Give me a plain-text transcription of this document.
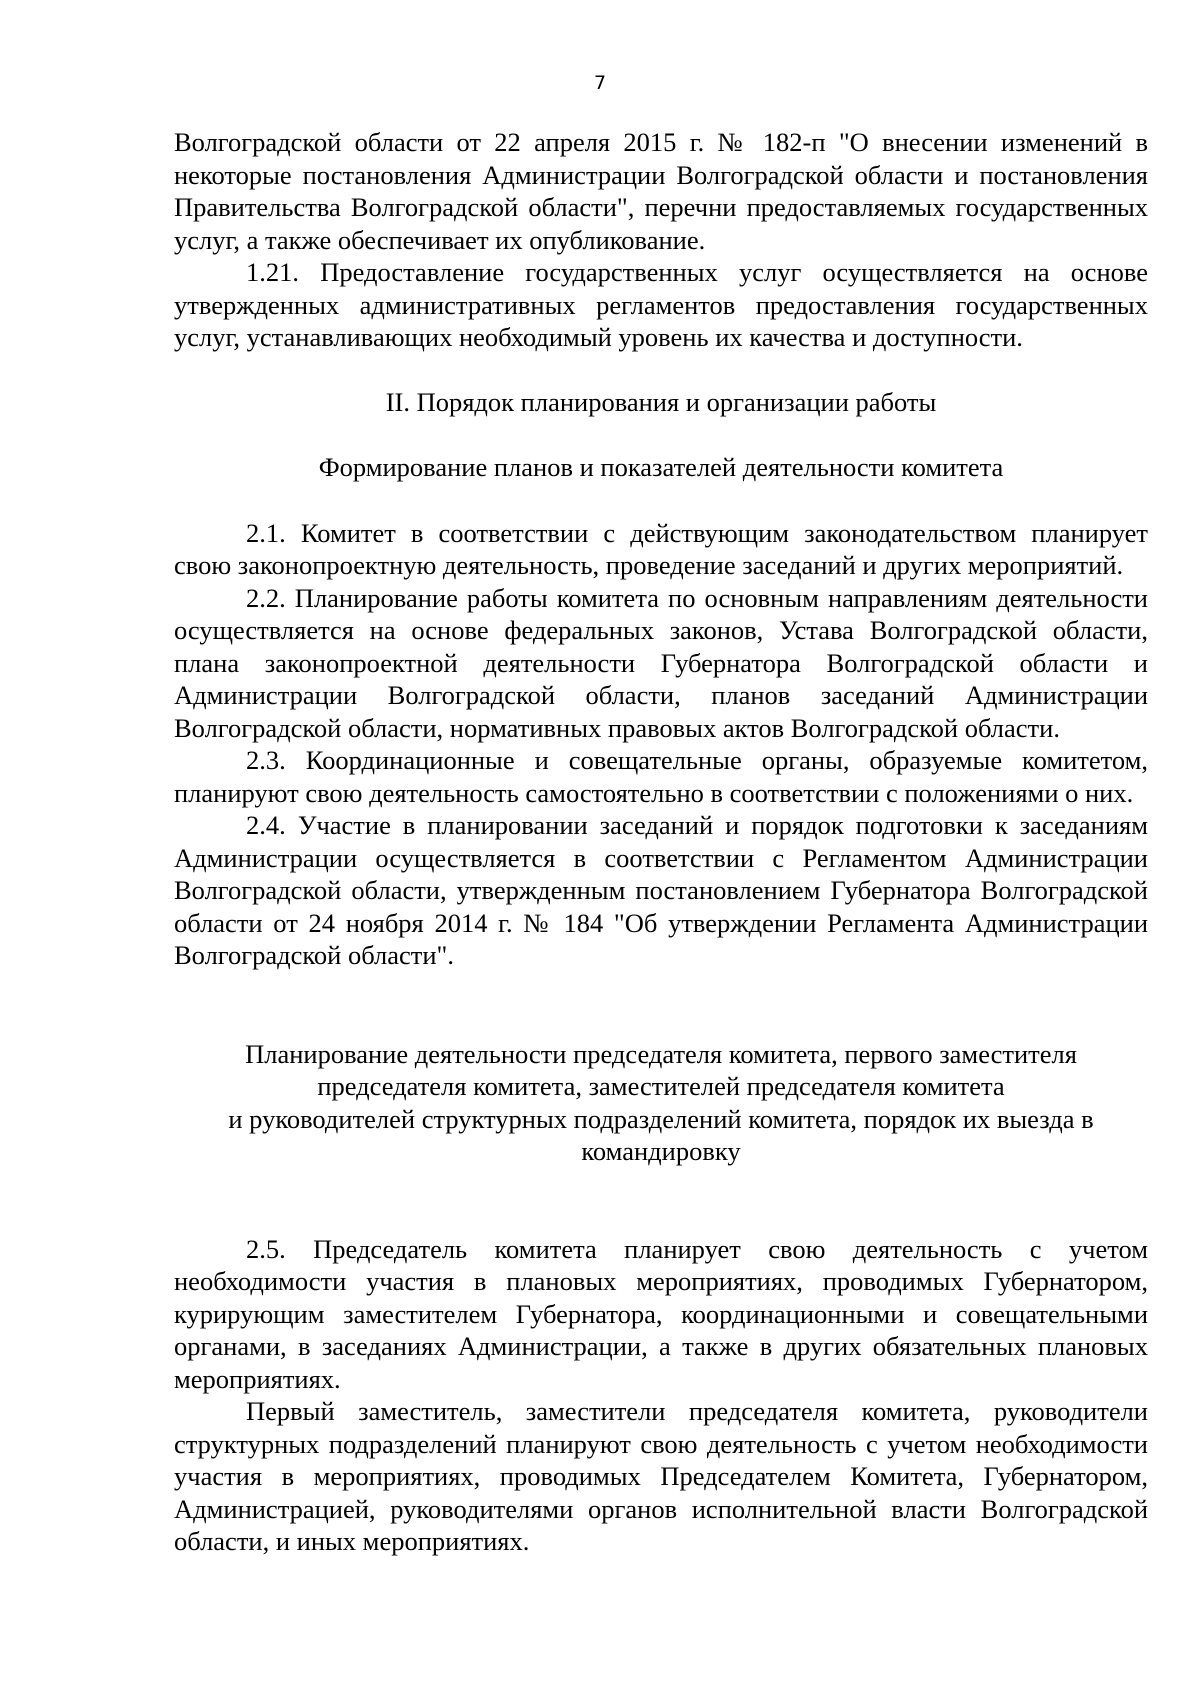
7

Волгоградской области от 22 апреля 2015 г. № 182-п "О внесении изменений в некоторые постановления Администрации Волгоградской области и постановления Правительства Волгоградской области", перечни предоставляемых государственных услуг, а также обеспечивает их опубликование.

1.21. Предоставление государственных услуг осуществляется на основе утвержденных административных регламентов предоставления государственных услуг, устанавливающих необходимый уровень их качества и доступности.

II. Порядок планирования и организации работы
Формирование планов и показателей деятельности комитета

2.1. Комитет в соответствии с действующим законодательством планирует свою законопроектную деятельность, проведение заседаний и других мероприятий.

2.2. Планирование работы комитета по основным направлениям деятельности осуществляется на основе федеральных законов, Устава Волгоградской области, плана законопроектной деятельности Губернатора Волгоградской области и Администрации Волгоградской области, планов заседаний Администрации Волгоградской области, нормативных правовых актов Волгоградской области.

2.3. Координационные и совещательные органы, образуемые комитетом, планируют свою деятельность самостоятельно в соответствии с положениями о них.

2.4. Участие в планировании заседаний и порядок подготовки к заседаниям Администрации осуществляется в соответствии с Регламентом Администрации Волгоградской области, утвержденным постановлением Губернатора Волгоградской области от 24 ноября 2014 г. № 184 "Об утверждении Регламента Администрации Волгоградской области".

Планирование деятельности председателя комитета, первого заместителя
председателя комитета, заместителей председателя комитета
и руководителей структурных подразделений комитета, порядок их выезда в
командировку

2.5. Председатель комитета планирует свою деятельность с учетом необходимости участия в плановых мероприятиях, проводимых Губернатором, курирующим заместителем Губернатора, координационными и совещательными органами, в заседаниях Администрации, а также в других обязательных плановых мероприятиях.

Первый заместитель, заместители председателя комитета, руководители структурных подразделений планируют свою деятельность с учетом необходимости участия в мероприятиях, проводимых Председателем Комитета, Губернатором, Администрацией, руководителями органов исполнительной власти Волгоградской области, и иных мероприятиях.
